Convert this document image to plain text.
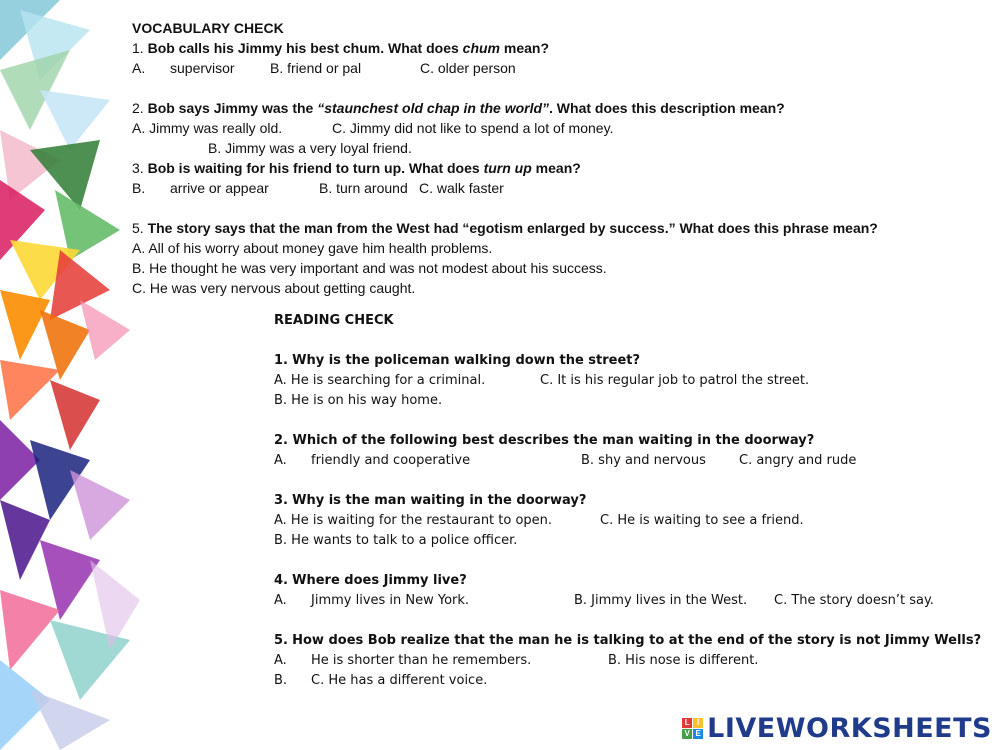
VOCABULARY CHECK
1. Bob calls his Jimmy his best chum. What does chum mean?
A. supervisor	B. friend or pal	C. older person
2. Bob says Jimmy was the “staunchest old chap in the world”. What does this description mean?
A. Jimmy was really old.	C. Jimmy did not like to spend a lot of money.
B. Jimmy was a very loyal friend.
3. Bob is waiting for his friend to turn up. What does turn up mean?
B. arrive or appear	B. turn around C. walk faster
5. The story says that the man from the West had “egotism enlarged by success.” What does this phrase mean?
A. All of his worry about money gave him health problems.
B. He thought he was very important and was not modest about his success.
C. He was very nervous about getting caught.
READING CHECK
1. Why is the policeman walking down the street?
A. He is searching for a criminal.	C. It is his regular job to patrol the street.
B. He is on his way home.
2. Which of the following best describes the man waiting in the doorway?
A. friendly and cooperative	B. shy and nervous	C. angry and rude
3. Why is the man waiting in the doorway?
A. He is waiting for the restaurant to open.	C. He is waiting to see a friend.
B. He wants to talk to a police officer.
4. Where does Jimmy live?
A. Jimmy lives in New York.	B. Jimmy lives in the West. C. The story doesn’t say.
5. How does Bob realize that the man he is talking to at the end of the story is not Jimmy Wells?
A. He is shorter than he remembers.	B. His nose is different.
B. C. He has a different voice.
L I
V E LIVEWORKSHEETS
